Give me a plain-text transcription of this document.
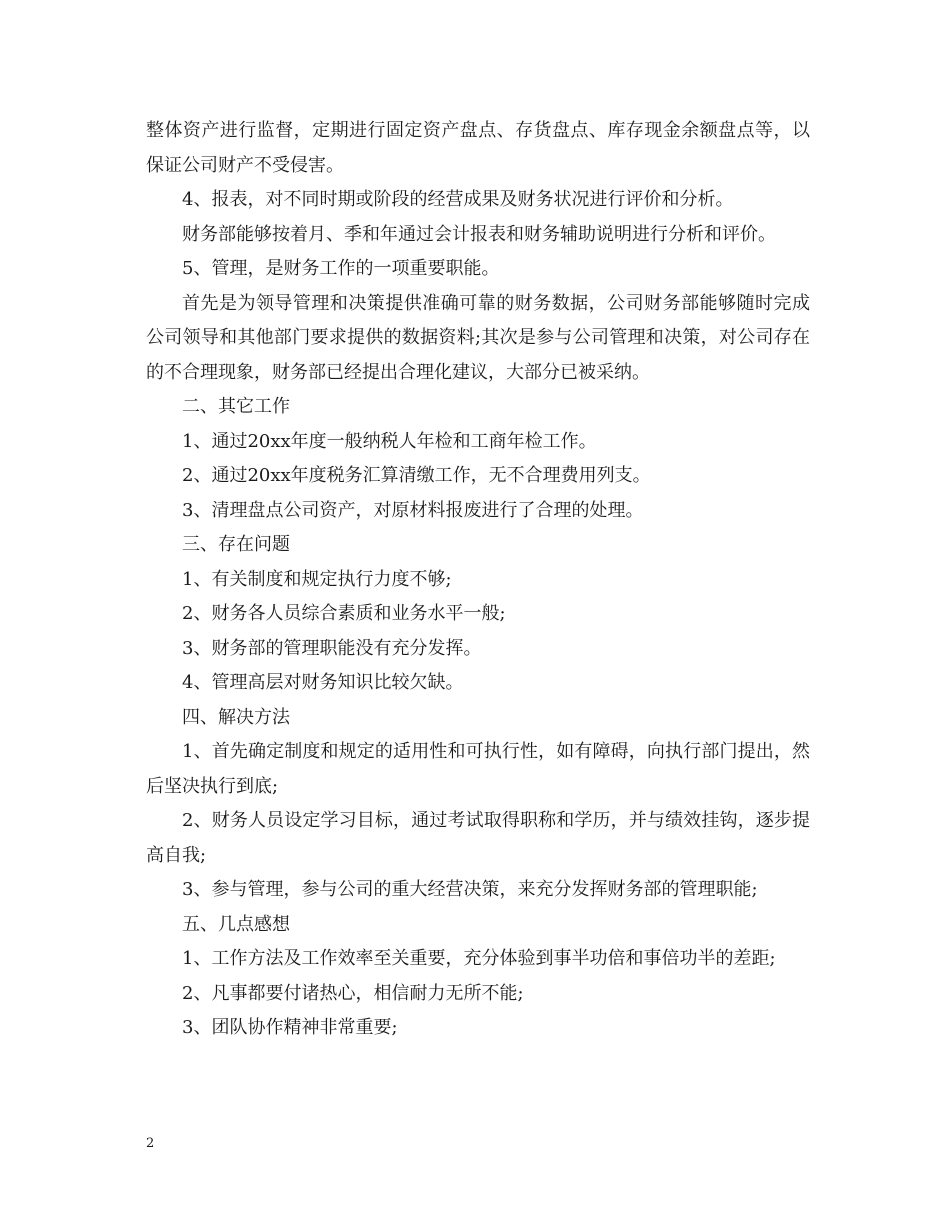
整体资产进行监督，定期进行固定资产盘点、存货盘点、库存现金余额盘点等，以保证公司财产不受侵害。

4、报表，对不同时期或阶段的经营成果及财务状况进行评价和分析。

财务部能够按着月、季和年通过会计报表和财务辅助说明进行分析和评价。

5、管理，是财务工作的一项重要职能。

首先是为领导管理和决策提供准确可靠的财务数据，公司财务部能够随时完成公司领导和其他部门要求提供的数据资料;其次是参与公司管理和决策，对公司存在的不合理现象，财务部已经提出合理化建议，大部分已被采纳。

二、其它工作

1、通过20xx年度一般纳税人年检和工商年检工作。

2、通过20xx年度税务汇算清缴工作，无不合理费用列支。

3、清理盘点公司资产，对原材料报废进行了合理的处理。

三、存在问题

1、有关制度和规定执行力度不够;

2、财务各人员综合素质和业务水平一般;

3、财务部的管理职能没有充分发挥。

4、管理高层对财务知识比较欠缺。

四、解决方法

1、首先确定制度和规定的适用性和可执行性，如有障碍，向执行部门提出，然后坚决执行到底;

2、财务人员设定学习目标，通过考试取得职称和学历，并与绩效挂钩，逐步提高自我;

3、参与管理，参与公司的重大经营决策，来充分发挥财务部的管理职能;

五、几点感想

1、工作方法及工作效率至关重要，充分体验到事半功倍和事倍功半的差距;

2、凡事都要付诸热心，相信耐力无所不能;

3、团队协作精神非常重要;

2
